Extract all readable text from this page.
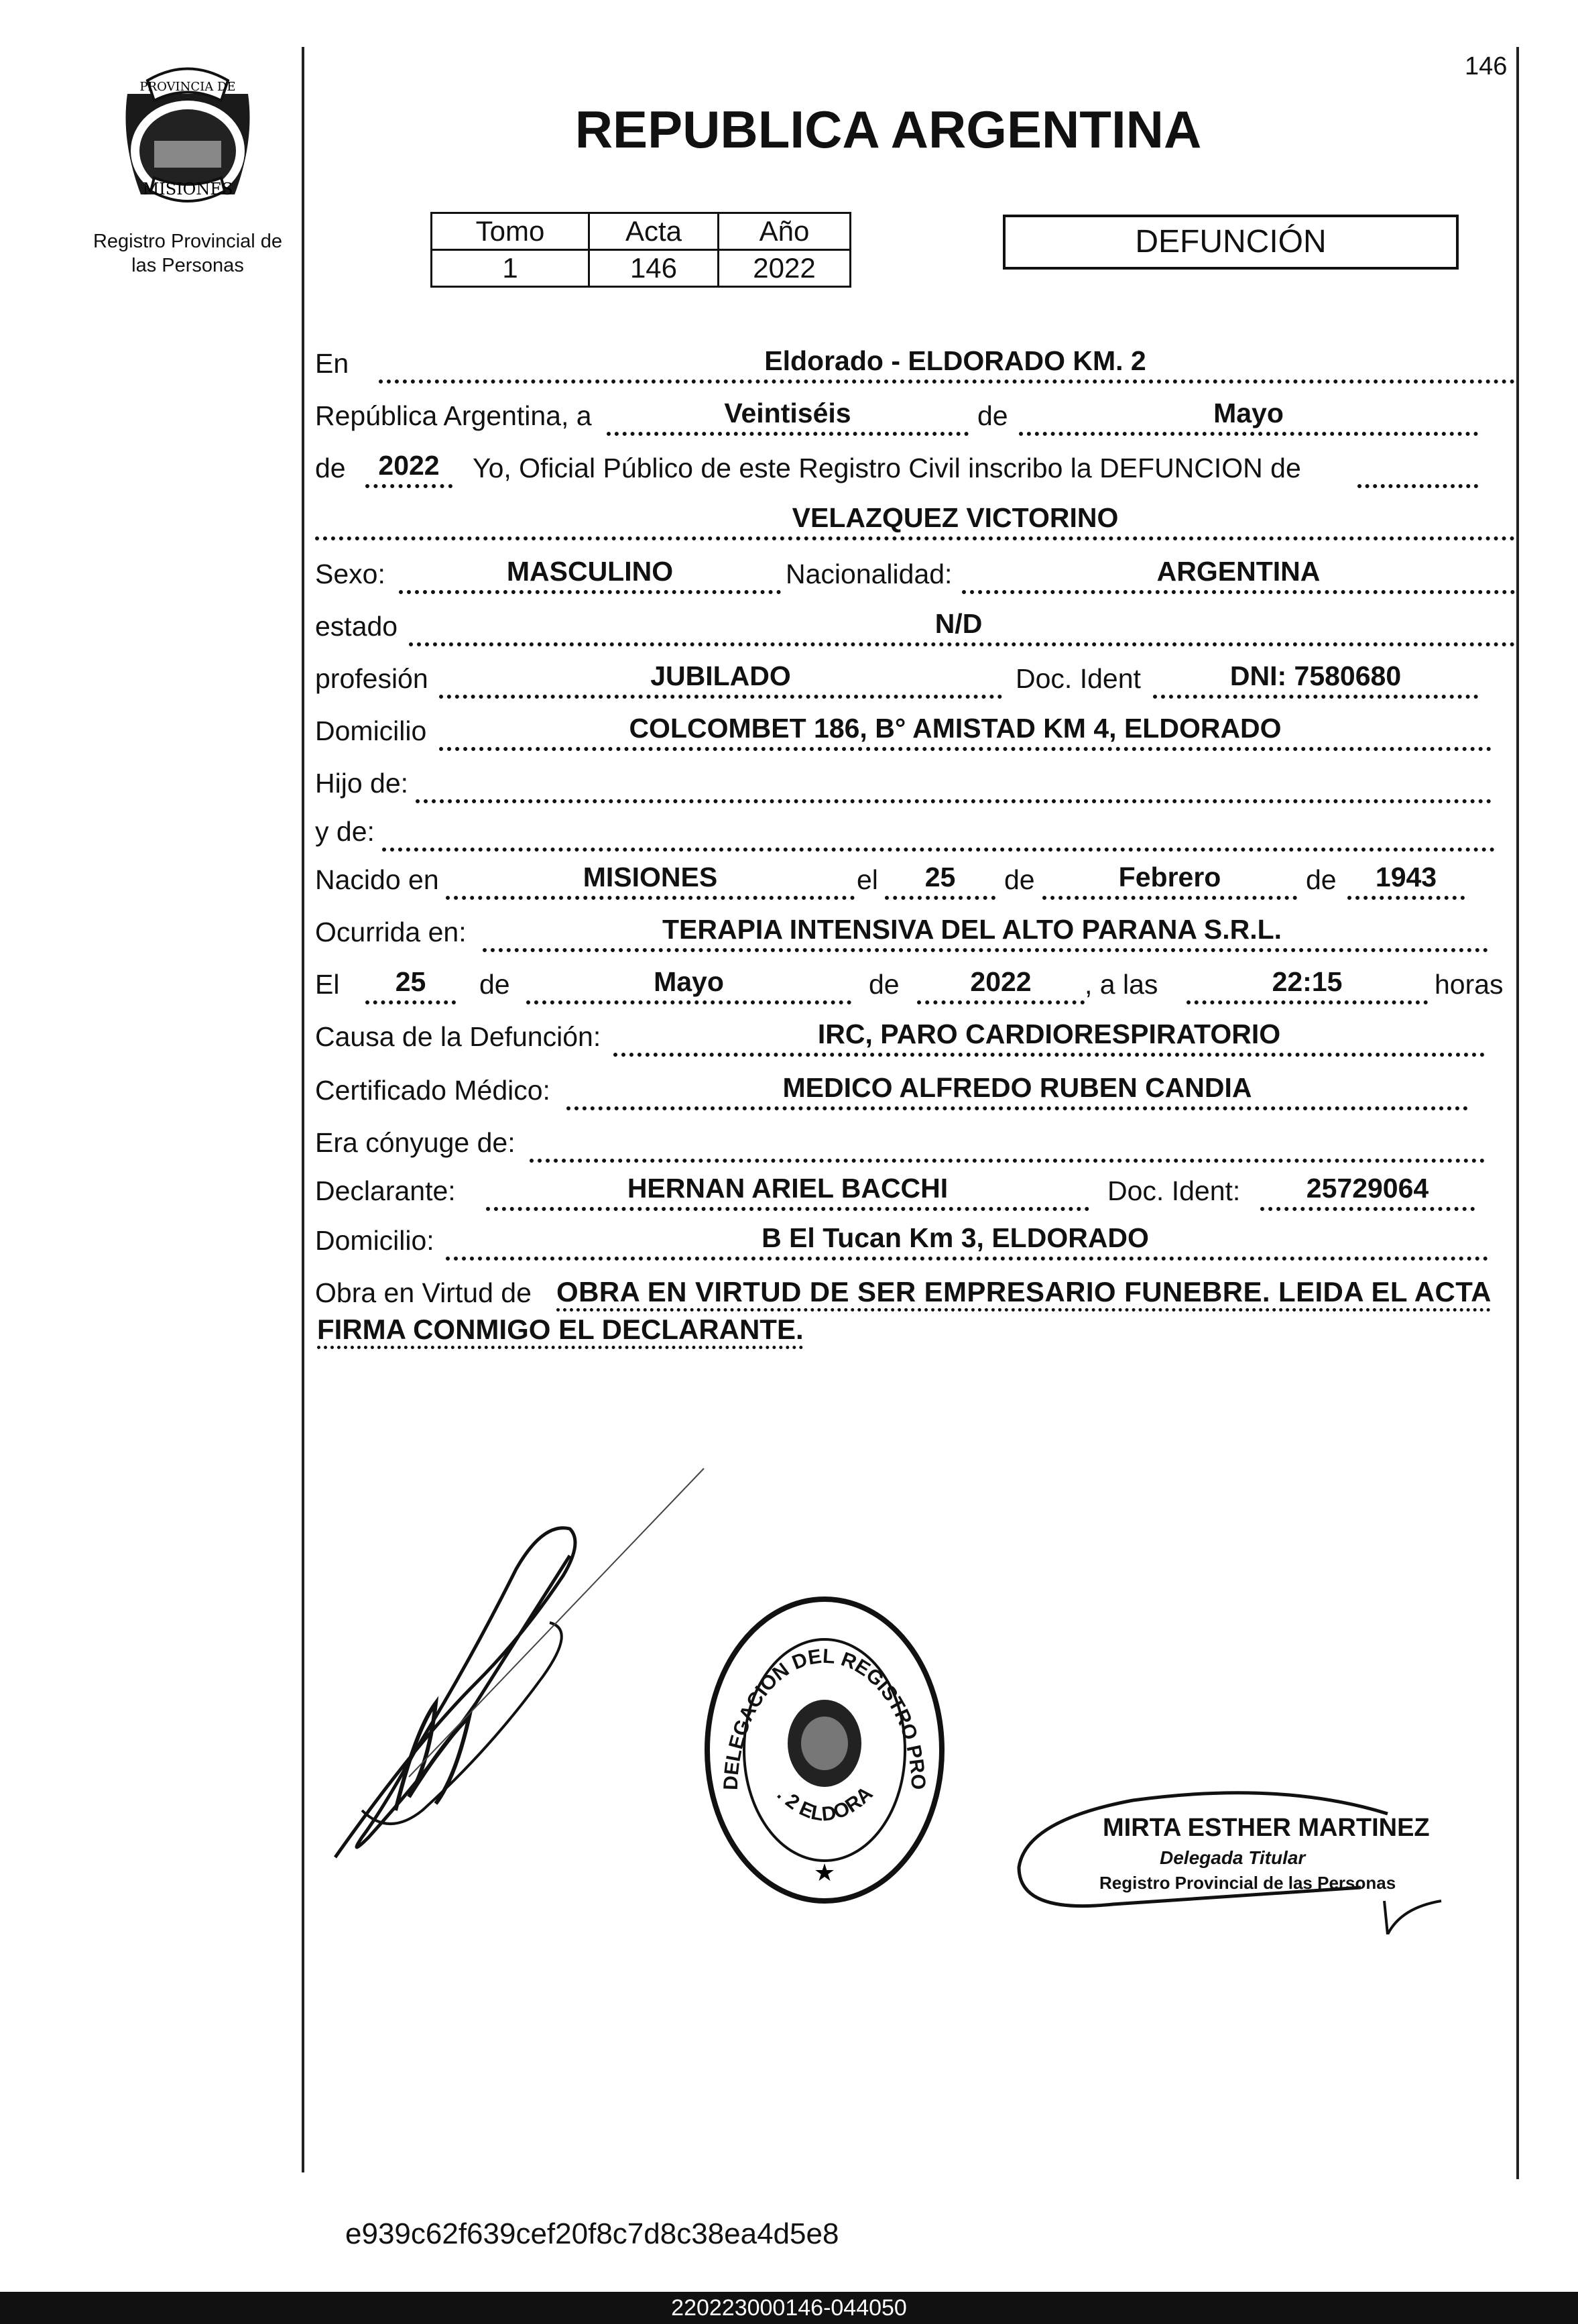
146
PROVINCIA DE
MISIONES
Registro Provincial de
las Personas
REPUBLICA ARGENTINA
Tomo	Acta	Año
1	146	2022
DEFUNCIÓN
En	Eldorado - ELDORADO KM. 2
República Argentina, a	Veintiséis	de	Mayo
de	2022	Yo, Oficial Público de este Registro Civil inscribo la DEFUNCION de
VELAZQUEZ VICTORINO
Sexo:	MASCULINO	Nacionalidad:	ARGENTINA
estado	N/D
profesión	JUBILADO	Doc. Ident	DNI: 7580680
Domicilio	COLCOMBET 186, B° AMISTAD KM 4, ELDORADO
Hijo de:
y de:
Nacido en	MISIONES	el	25	de	Febrero	de	1943
Ocurrida en:	TERAPIA INTENSIVA DEL ALTO PARANA S.R.L.
El	25	de	Mayo	de	2022	, a las	22:15	horas
Causa de la Defunción:	IRC, PARO CARDIORESPIRATORIO
Certificado Médico:	MEDICO ALFREDO RUBEN CANDIA
Era cónyuge de:
Declarante:	HERNAN ARIEL BACCHI	Doc. Ident:	25729064
Domicilio:	B El Tucan Km 3, ELDORADO
Obra en Virtud de OBRA EN VIRTUD DE SER EMPRESARIO FUNEBRE. LEIDA EL ACTA
FIRMA CONMIGO EL DECLARANTE.
DELEGACION DEL REGISTRO PRO
. 2 ELDORA
★
MIRTA ESTHER MARTINEZ
Delegada Titular
Registro Provincial de las Personas
e939c62f639cef20f8c7d8c38ea4d5e8
220223000146-044050
